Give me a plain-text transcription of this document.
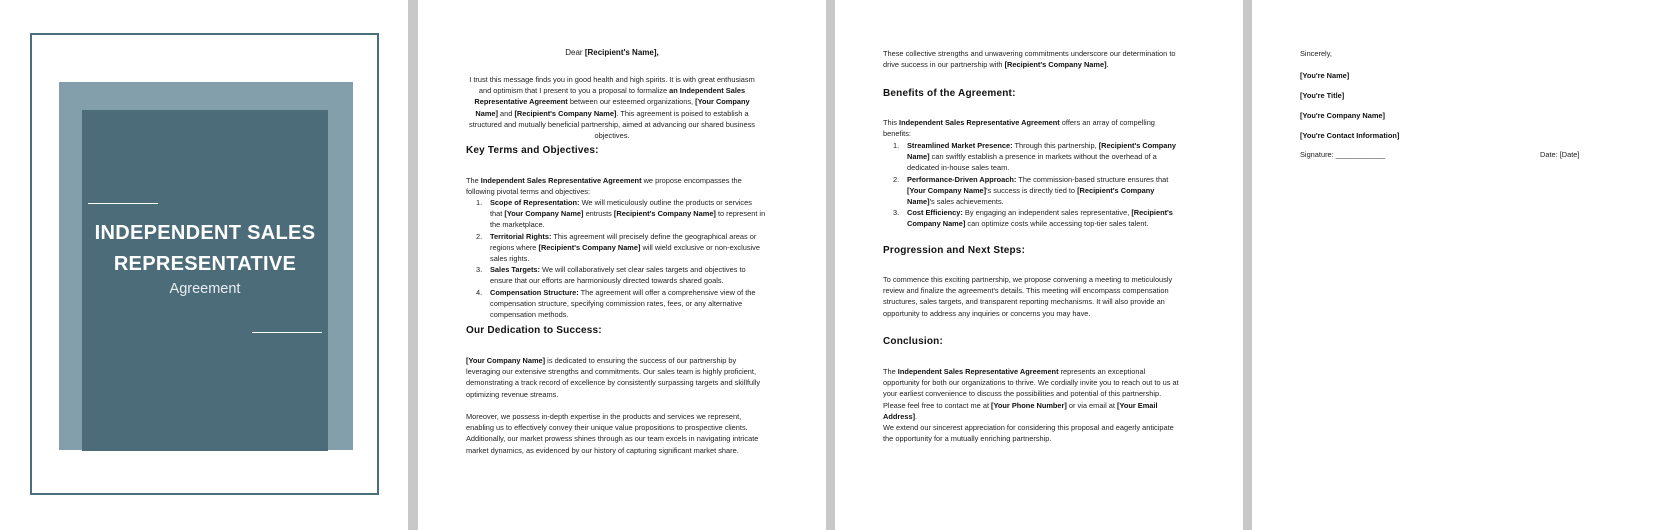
INDEPENDENT SALES
REPRESENTATIVE
Agreement
Dear [Recipient's Name],
I trust this message finds you in good health and high spirits. It is with great enthusiasm and optimism that I present to you a proposal to formalize an Independent Sales Representative Agreement between our esteemed organizations, [Your Company Name] and [Recipient's Company Name]. This agreement is poised to establish a structured and mutually beneficial partnership, aimed at advancing our shared business objectives.
Key Terms and Objectives:
The Independent Sales Representative Agreement we propose encompasses the following pivotal terms and objectives:
1. Scope of Representation: We will meticulously outline the products or services that [Your Company Name] entrusts [Recipient's Company Name] to represent in the marketplace.
2. Territorial Rights: This agreement will precisely define the geographical areas or regions where [Recipient's Company Name] will wield exclusive or non-exclusive sales rights.
3. Sales Targets: We will collaboratively set clear sales targets and objectives to ensure that our efforts are harmoniously directed towards shared goals.
4. Compensation Structure: The agreement will offer a comprehensive view of the compensation structure, specifying commission rates, fees, or any alternative compensation methods.
Our Dedication to Success:
[Your Company Name] is dedicated to ensuring the success of our partnership by leveraging our extensive strengths and commitments. Our sales team is highly proficient, demonstrating a track record of excellence by consistently surpassing targets and skillfully optimizing revenue streams.
Moreover, we possess in-depth expertise in the products and services we represent, enabling us to effectively convey their unique value propositions to prospective clients. Additionally, our market prowess shines through as our team excels in navigating intricate market dynamics, as evidenced by our history of capturing significant market share.
These collective strengths and unwavering commitments underscore our determination to drive success in our partnership with [Recipient's Company Name].
Benefits of the Agreement:
This Independent Sales Representative Agreement offers an array of compelling benefits:
1. Streamlined Market Presence: Through this partnership, [Recipient's Company Name] can swiftly establish a presence in markets without the overhead of a dedicated in-house sales team.
2. Performance-Driven Approach: The commission-based structure ensures that [Your Company Name]'s success is directly tied to [Recipient's Company Name]'s sales achievements.
3. Cost Efficiency: By engaging an independent sales representative, [Recipient's Company Name] can optimize costs while accessing top-tier sales talent.
Progression and Next Steps:
To commence this exciting partnership, we propose convening a meeting to meticulously review and finalize the agreement's details. This meeting will encompass compensation structures, sales targets, and transparent reporting mechanisms. It will also provide an opportunity to address any inquiries or concerns you may have.
Conclusion:
The Independent Sales Representative Agreement represents an exceptional opportunity for both our organizations to thrive. We cordially invite you to reach out to us at your earliest convenience to discuss the possibilities and potential of this partnership. Please feel free to contact me at [Your Phone Number] or via email at [Your Email Address].
We extend our sincerest appreciation for considering this proposal and eagerly anticipate the opportunity for a mutually enriching partnership.
Sincerely,
[You're Name]
[You're Title]
[You're Company Name]
[You're Contact Information]
Signature: ____________	Date: [Date]
